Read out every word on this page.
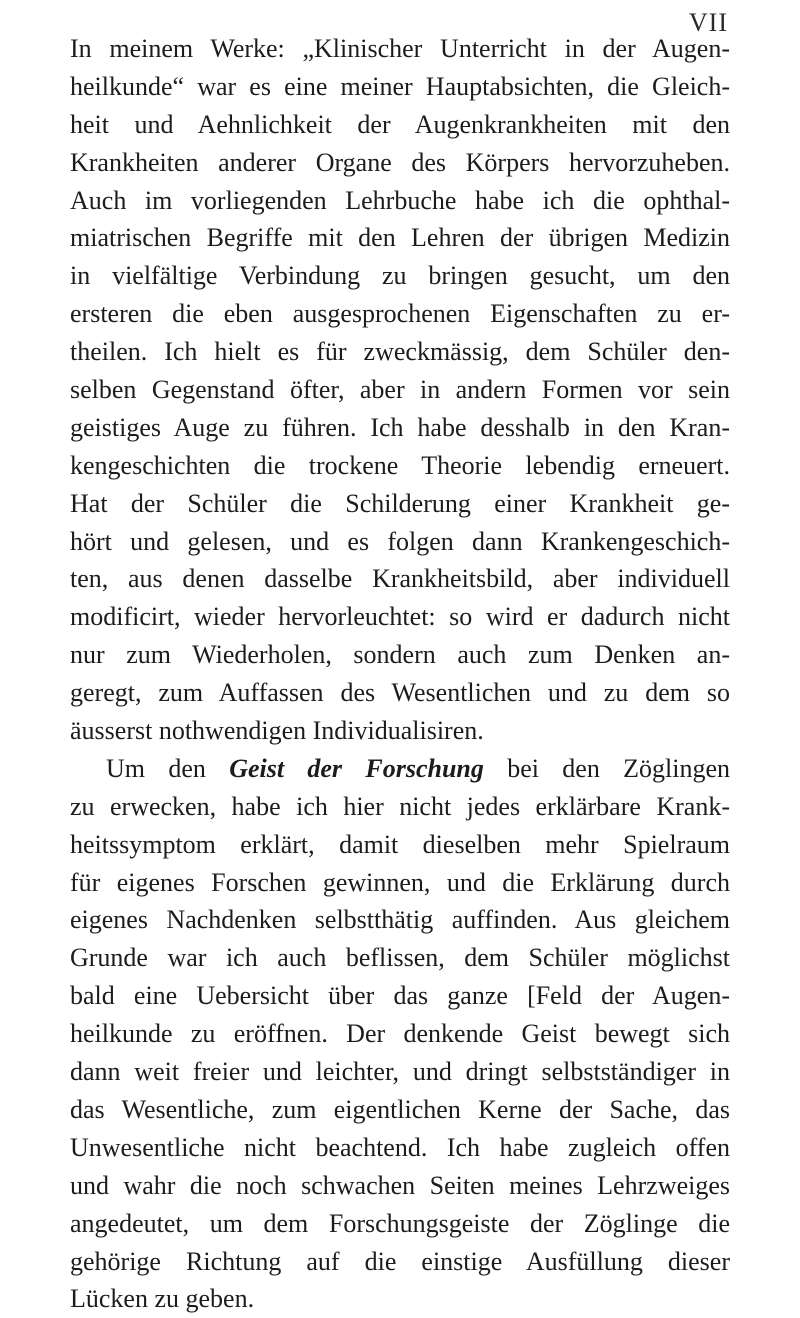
VII
In meinem Werke: „Klinischer Unterricht in der Augen-
heilkunde“ war es eine meiner Hauptabsichten, die Gleich-
heit und Aehnlichkeit der Augenkrankheiten mit den
Krankheiten anderer Organe des Körpers hervorzuheben.
Auch im vorliegenden Lehrbuche habe ich die ophthal-
miatrischen Begriffe mit den Lehren der übrigen Medizin
in vielfältige Verbindung zu bringen gesucht, um den
ersteren die eben ausgesprochenen Eigenschaften zu er-
theilen. Ich hielt es für zweckmässig, dem Schüler den-
selben Gegenstand öfter, aber in andern Formen vor sein
geistiges Auge zu führen. Ich habe desshalb in den Kran-
kengeschichten die trockene Theorie lebendig erneuert.
Hat der Schüler die Schilderung einer Krankheit ge-
hört und gelesen, und es folgen dann Krankengeschich-
ten, aus denen dasselbe Krankheitsbild, aber individuell
modificirt, wieder hervorleuchtet: so wird er dadurch nicht
nur zum Wiederholen, sondern auch zum Denken an-
geregt, zum Auffassen des Wesentlichen und zu dem so
äusserst nothwendigen Individualisiren.
Um den Geist der Forschung bei den Zöglingen
zu erwecken, habe ich hier nicht jedes erklärbare Krank-
heitssymptom erklärt, damit dieselben mehr Spielraum
für eigenes Forschen gewinnen, und die Erklärung durch
eigenes Nachdenken selbstthätig auffinden. Aus gleichem
Grunde war ich auch beflissen, dem Schüler möglichst
bald eine Uebersicht über das ganze [Feld der Augen-
heilkunde zu eröffnen. Der denkende Geist bewegt sich
dann weit freier und leichter, und dringt selbstständiger in
das Wesentliche, zum eigentlichen Kerne der Sache, das
Unwesentliche nicht beachtend. Ich habe zugleich offen
und wahr die noch schwachen Seiten meines Lehrzweiges
angedeutet, um dem Forschungsgeiste der Zöglinge die
gehörige Richtung auf die einstige Ausfüllung dieser
Lücken zu geben.
